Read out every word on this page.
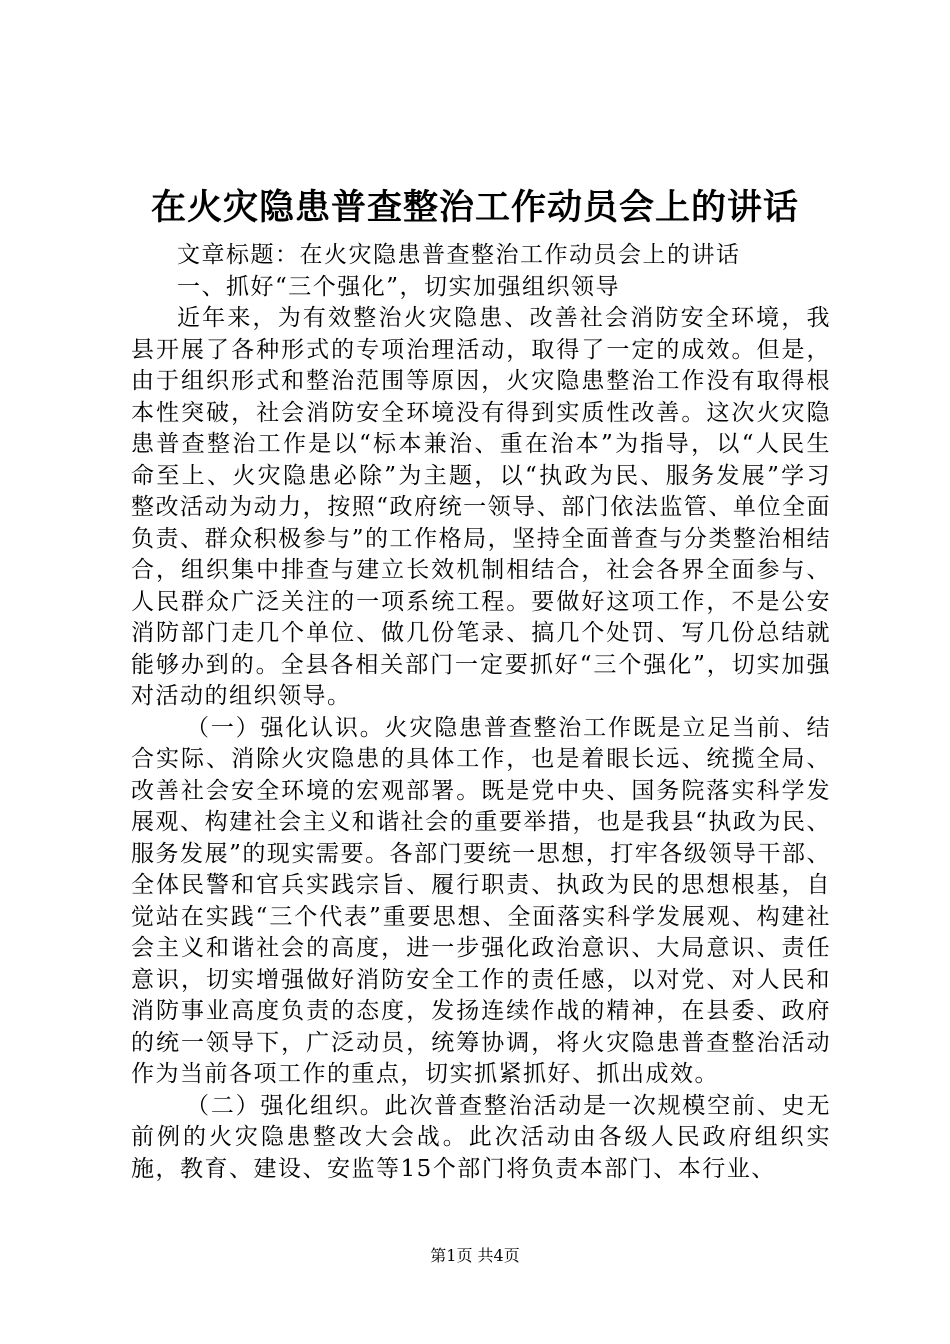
在火灾隐患普查整治工作动员会上的讲话

文章标题：在火灾隐患普查整治工作动员会上的讲话

一、抓好“三个强化”，切实加强组织领导

近年来，为有效整治火灾隐患、改善社会消防安全环境，我县开展了各种形式的专项治理活动，取得了一定的成效。但是，由于组织形式和整治范围等原因，火灾隐患整治工作没有取得根本性突破，社会消防安全环境没有得到实质性改善。这次火灾隐患普查整治工作是以“标本兼治、重在治本”为指导，以“人民生命至上、火灾隐患必除”为主题，以“执政为民、服务发展”学习整改活动为动力，按照“政府统一领导、部门依法监管、单位全面负责、群众积极参与”的工作格局，坚持全面普查与分类整治相结合，组织集中排查与建立长效机制相结合，社会各界全面参与、人民群众广泛关注的一项系统工程。要做好这项工作，不是公安消防部门走几个单位、做几份笔录、搞几个处罚、写几份总结就能够办到的。全县各相关部门一定要抓好“三个强化”，切实加强对活动的组织领导。

（一）强化认识。火灾隐患普查整治工作既是立足当前、结合实际、消除火灾隐患的具体工作，也是着眼长远、统揽全局、改善社会安全环境的宏观部署。既是党中央、国务院落实科学发展观、构建社会主义和谐社会的重要举措，也是我县“执政为民、服务发展”的现实需要。各部门要统一思想，打牢各级领导干部、全体民警和官兵实践宗旨、履行职责、执政为民的思想根基，自觉站在实践“三个代表”重要思想、全面落实科学发展观、构建社会主义和谐社会的高度，进一步强化政治意识、大局意识、责任意识，切实增强做好消防安全工作的责任感，以对党、对人民和消防事业高度负责的态度，发扬连续作战的精神，在县委、政府的统一领导下，广泛动员，统筹协调，将火灾隐患普查整治活动作为当前各项工作的重点，切实抓紧抓好、抓出成效。

（二）强化组织。此次普查整治活动是一次规模空前、史无前例的火灾隐患整改大会战。此次活动由各级人民政府组织实施，教育、建设、安监等15个部门将负责本部门、本行业、

第1页 共4页
